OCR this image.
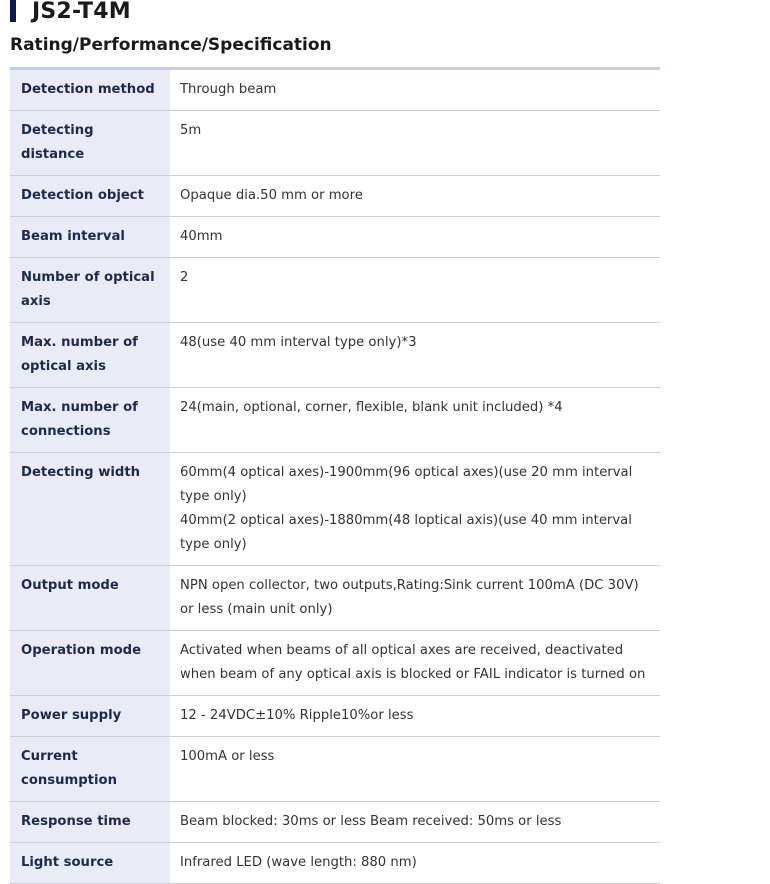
JS2-T4M
Rating/Performance/Specification
Detection method	Through beam

Detecting distance	5m

Detection object	Opaque dia.50 mm or more

Beam interval	40mm

Number of optical axis	2

Max. number of optical axis	48(use 40 mm interval type only)*3

Max. number of connections	24(main, optional, corner, flexible, blank unit included) *4

Detecting width	60mm(4 optical axes)-1900mm(96 optical axes)(use 20 mm interval type only)
40mm(2 optical axes)-1880mm(48 loptical axis)(use 40 mm interval type only)

Output mode	NPN open collector, two outputs,Rating:Sink current 100mA (DC 30V) or less (main unit only)

Operation mode	Activated when beams of all optical axes are received, deactivated when beam of any optical axis is blocked or FAIL indicator is turned on

Power supply	12 - 24VDC±10% Ripple10%or less

Current consumption	100mA or less

Response time	Beam blocked: 30ms or less Beam received: 50ms or less

Light source	Infrared LED (wave length: 880 nm)
